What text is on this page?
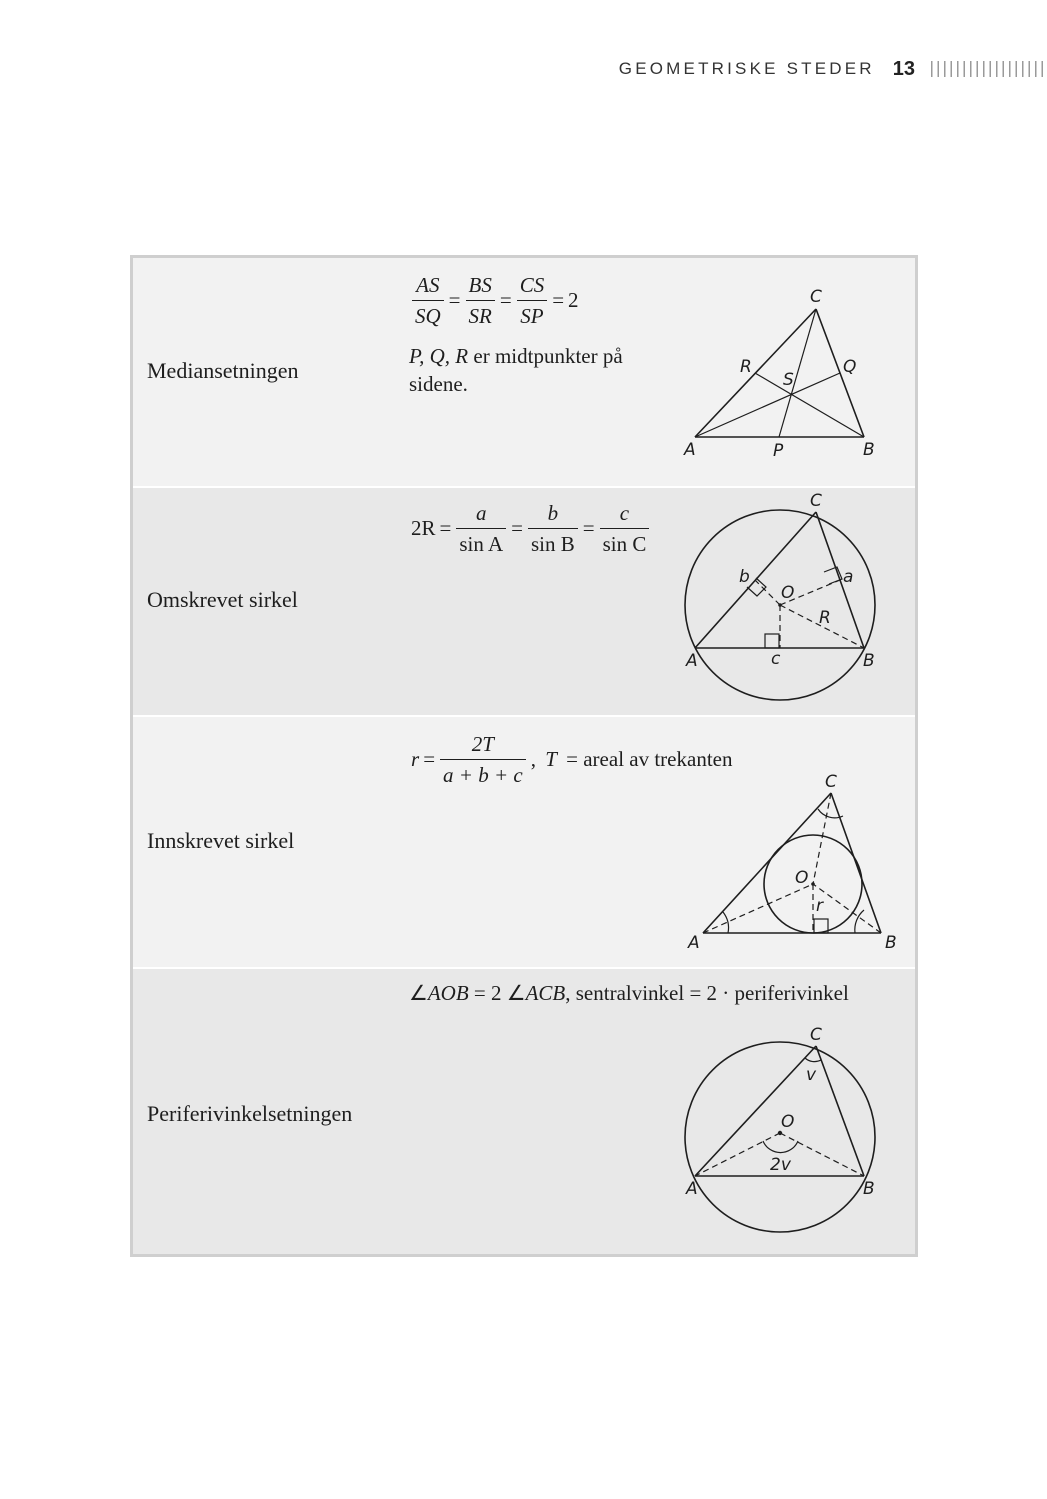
GEOMETRISKE STEDER 13
Mediansetningen
$\frac{AS}{SQ} = \frac{BS}{SR} = \frac{CS}{SP} = 2$
P, Q, R er midtpunkter på sidene.
A	B
C
P
Q
R
S
Omskrevet sirkel
$2R = \frac{a}{\text{sin A}} = \frac{b}{\text{sin B}} = \frac{c}{\text{sin C}}$
A	B
C
O
R
a
b
c
Innskrevet sirkel
$r = \frac{2T}{a + b + c}$ , T = areal av trekanten
A	B
C
O
r
Periferivinkelsetningen
∠AOB = 2 ∠ACB, sentralvinkel = 2 · periferivinkel
A	B
C
O
v
2v
